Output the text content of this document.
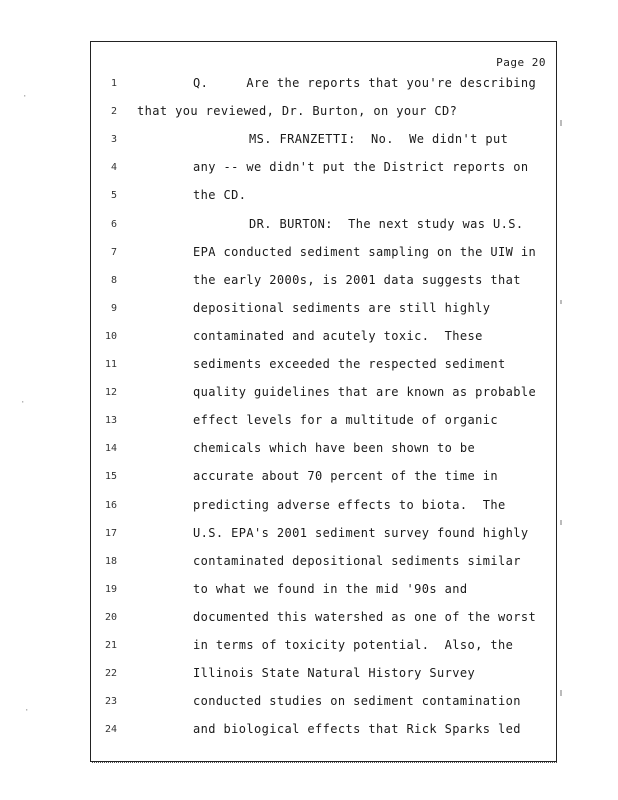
Page 20
1	Q.     Are the reports that you're describing
2 that you reviewed, Dr. Burton, on your CD?
3	MS. FRANZETTI:  No.  We didn't put
4	any -- we didn't put the District reports on
5	the CD.
6	DR. BURTON:  The next study was U.S.
7	EPA conducted sediment sampling on the UIW in
8	the early 2000s, is 2001 data suggests that
9	depositional sediments are still highly
10	contaminated and acutely toxic.  These
11	sediments exceeded the respected sediment
12	quality guidelines that are known as probable
13	effect levels for a multitude of organic
14	chemicals which have been shown to be
15	accurate about 70 percent of the time in
16	predicting adverse effects to biota.  The
17	U.S. EPA's 2001 sediment survey found highly
18	contaminated depositional sediments similar
19	to what we found in the mid '90s and
20	documented this watershed as one of the worst
21	in terms of toxicity potential.  Also, the
22	Illinois State Natural History Survey
23	conducted studies on sediment contamination
24	and biological effects that Rick Sparks led
·
·
·
